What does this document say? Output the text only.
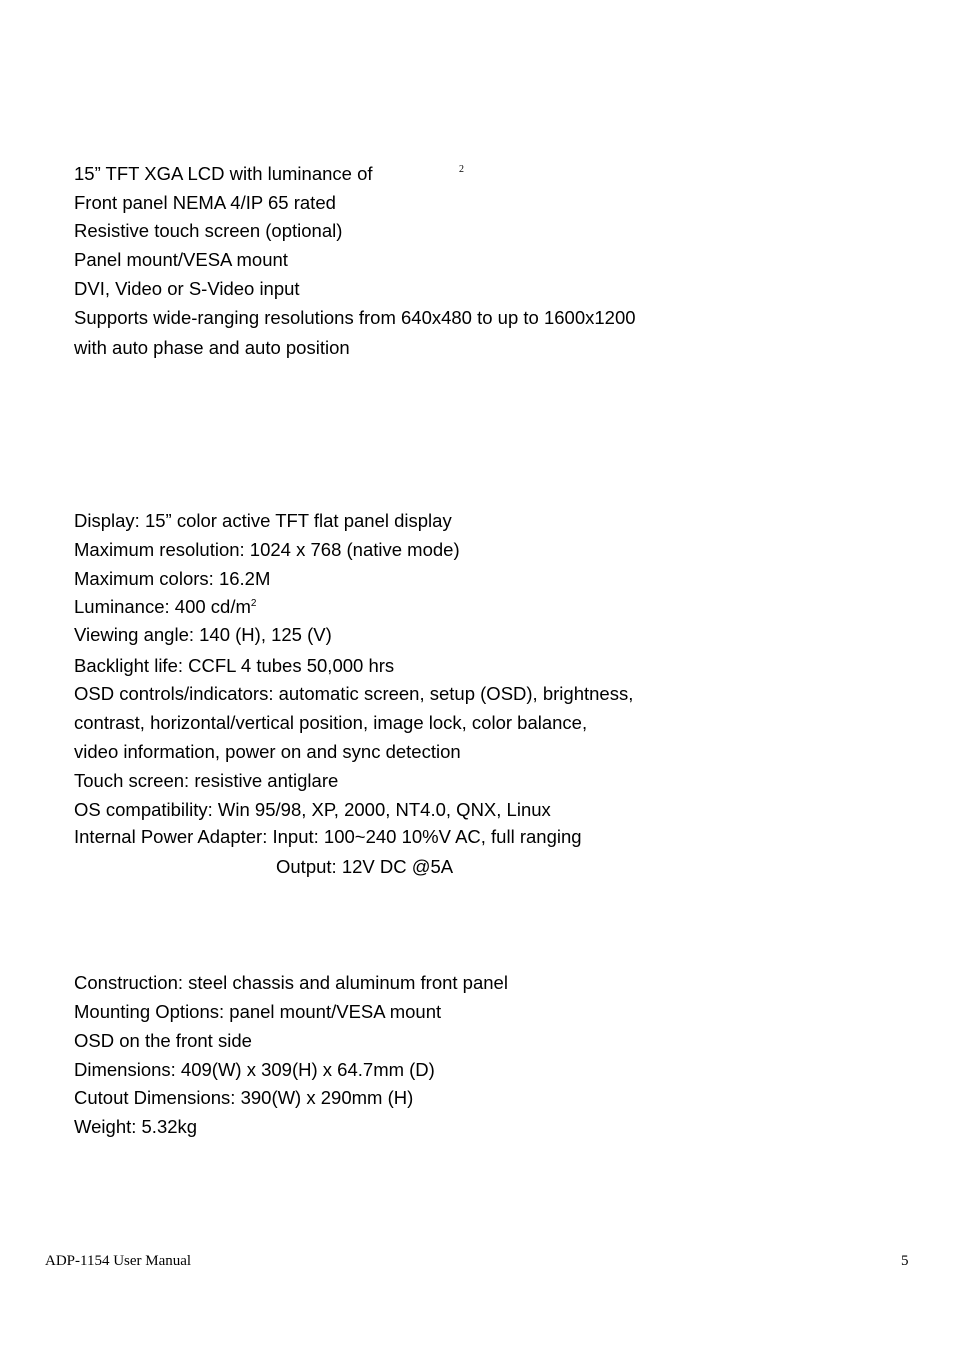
15” TFT XGA LCD with luminance of	2
Front panel NEMA 4/IP 65 rated
Resistive touch screen (optional)
Panel mount/VESA mount
DVI, Video or S-Video input
Supports wide-ranging resolutions from 640x480 to up to 1600x1200
with auto phase and auto position
Display: 15” color active TFT flat panel display
Maximum resolution: 1024 x 768 (native mode)
Maximum colors: 16.2M
Luminance: 400 $cd/m^2$
Viewing angle: 140 (H), 125 (V)
Backlight life: CCFL 4 tubes 50,000 hrs
OSD controls/indicators: automatic screen, setup (OSD), brightness,
contrast, horizontal/vertical position, image lock, color balance,
video information, power on and sync detection
Touch screen: resistive antiglare
OS compatibility: Win 95/98, XP, 2000, NT4.0, QNX, Linux
Internal Power Adapter: Input: 100~240 10%V AC, full ranging
Output: 12V DC @5A
Construction: steel chassis and aluminum front panel
Mounting Options: panel mount/VESA mount
OSD on the front side
Dimensions: 409(W) x 309(H) x 64.7mm (D)
Cutout Dimensions: 390(W) x 290mm (H)
Weight: 5.32kg
ADP-1154 User Manual	5
